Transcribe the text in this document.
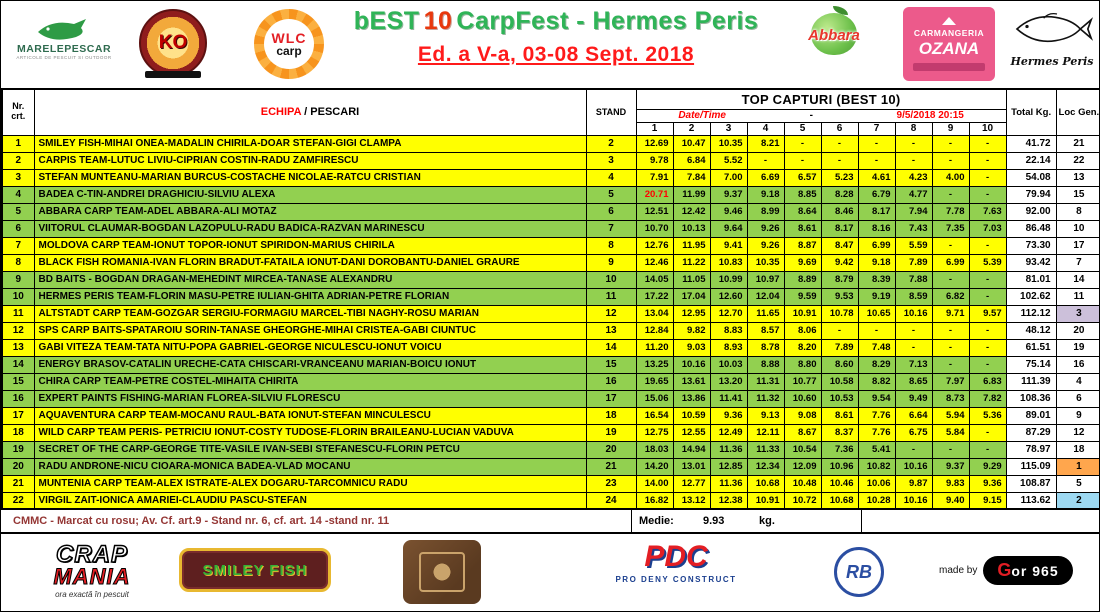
MARELEPESCAR
ARTICOLE DE PESCUIT SI OUTDOOR
KO	WLC
carp
bEST 10 CarpFest - Hermes Peris
Ed. a V-a, 03-08 Sept. 2018
Abbara	CARMANGERIA
OZANA
Hermes Peris
Nr.
crt.	ECHIPA / PESCARI	STAND	TOP CAPTURI (BEST 10)										Total Kg.	Loc Gen.

			Date/Time - 9/5/2018 20:15											

			1	2	3	4	5	6	7	8	9	10		
1	SMILEY FISH-MIHAI ONEA-MADALIN CHIRILA-DOAR STEFAN-GIGI CLAMPA	2	12.69	10.47	10.35	8.21	-	-	-	-	-	-	41.72	21
2	CARPIS TEAM-LUTUC LIVIU-CIPRIAN COSTIN-RADU ZAMFIRESCU	3	9.78	6.84	5.52	-	-	-	-	-	-	-	22.14	22
3	STEFAN MUNTEANU-MARIAN BURCUS-COSTACHE NICOLAE-RATCU CRISTIAN	4	7.91	7.84	7.00	6.69	6.57	5.23	4.61	4.23	4.00	-	54.08	13
4	BADEA C-TIN-ANDREI DRAGHICIU-SILVIU ALEXA	5	20.71	11.99	9.37	9.18	8.85	8.28	6.79	4.77	-	-	79.94	15
5	ABBARA CARP TEAM-ADEL ABBARA-ALI MOTAZ	6	12.51	12.42	9.46	8.99	8.64	8.46	8.17	7.94	7.78	7.63	92.00	8
6	VIITORUL CLAUMAR-BOGDAN LAZOPULU-RADU BADICA-RAZVAN MARINESCU	7	10.70	10.13	9.64	9.26	8.61	8.17	8.16	7.43	7.35	7.03	86.48	10
7	MOLDOVA CARP TEAM-IONUT TOPOR-IONUT SPIRIDON-MARIUS CHIRILA	8	12.76	11.95	9.41	9.26	8.87	8.47	6.99	5.59	-	-	73.30	17
8	BLACK FISH ROMANIA-IVAN FLORIN BRADUT-FATAILA IONUT-DANI DOROBANTU-DANIEL GRAURE	9	12.46	11.22	10.83	10.35	9.69	9.42	9.18	7.89	6.99	5.39	93.42	7
9	BD BAITS - BOGDAN DRAGAN-MEHEDINT MIRCEA-TANASE ALEXANDRU	10	14.05	11.05	10.99	10.97	8.89	8.79	8.39	7.88	-	-	81.01	14
10	HERMES PERIS TEAM-FLORIN MASU-PETRE IULIAN-GHITA ADRIAN-PETRE FLORIAN	11	17.22	17.04	12.60	12.04	9.59	9.53	9.19	8.59	6.82	-	102.62	11
11	ALTSTADT CARP TEAM-GOZGAR SERGIU-FORMAGIU MARCEL-TIBI NAGHY-ROSU MARIAN	12	13.04	12.95	12.70	11.65	10.91	10.78	10.65	10.16	9.71	9.57	112.12	3
12	SPS CARP BAITS-SPATAROIU SORIN-TANASE GHEORGHE-MIHAI CRISTEA-GABI CIUNTUC	13	12.84	9.82	8.83	8.57	8.06	-	-	-	-	-	48.12	20
13	GABI VITEZA TEAM-TATA NITU-POPA GABRIEL-GEORGE NICULESCU-IONUT VOICU	14	11.20	9.03	8.93	8.78	8.20	7.89	7.48	-	-	-	61.51	19
14	ENERGY BRASOV-CATALIN URECHE-CATA CHISCARI-VRANCEANU MARIAN-BOICU IONUT	15	13.25	10.16	10.03	8.88	8.80	8.60	8.29	7.13	-	-	75.14	16
15	CHIRA CARP TEAM-PETRE COSTEL-MIHAITA CHIRITA	16	19.65	13.61	13.20	11.31	10.77	10.58	8.82	8.65	7.97	6.83	111.39	4
16	EXPERT PAINTS FISHING-MARIAN FLOREA-SILVIU FLORESCU	17	15.06	13.86	11.41	11.32	10.60	10.53	9.54	9.49	8.73	7.82	108.36	6
17	AQUAVENTURA CARP TEAM-MOCANU RAUL-BATA IONUT-STEFAN MINCULESCU	18	16.54	10.59	9.36	9.13	9.08	8.61	7.76	6.64	5.94	5.36	89.01	9
18	WILD CARP TEAM PERIS- PETRICIU IONUT-COSTY TUDOSE-FLORIN BRAILEANU-LUCIAN VADUVA	19	12.75	12.55	12.49	12.11	8.67	8.37	7.76	6.75	5.84	-	87.29	12
19	SECRET OF THE CARP-GEORGE TITE-VASILE IVAN-SEBI STEFANESCU-FLORIN PETCU	20	18.03	14.94	11.36	11.33	10.54	7.36	5.41	-	-	-	78.97	18
20	RADU ANDRONE-NICU CIOARA-MONICA BADEA-VLAD MOCANU	21	14.20	13.01	12.85	12.34	12.09	10.96	10.82	10.16	9.37	9.29	115.09	1
21	MUNTENIA CARP TEAM-ALEX ISTRATE-ALEX DOGARU-TARCOMNICU RADU	23	14.00	12.77	11.36	10.68	10.48	10.46	10.06	9.87	9.83	9.36	108.87	5
22	VIRGIL ZAIT-IONICA AMARIEI-CLAUDIU PASCU-STEFAN	24	16.82	13.12	12.38	10.91	10.72	10.68	10.28	10.16	9.40	9.15	113.62	2
CMMC - Marcat cu rosu; Av. Cf. art.9 - Stand nr. 6, cf. art. 14 -stand nr. 11	Medie:	9.93	kg.
CRAP
MANIA
ora exactă în pescuit
SMILEY FISH	PDC
PRO DENY CONSTRUCT	RB	made by G or 965
